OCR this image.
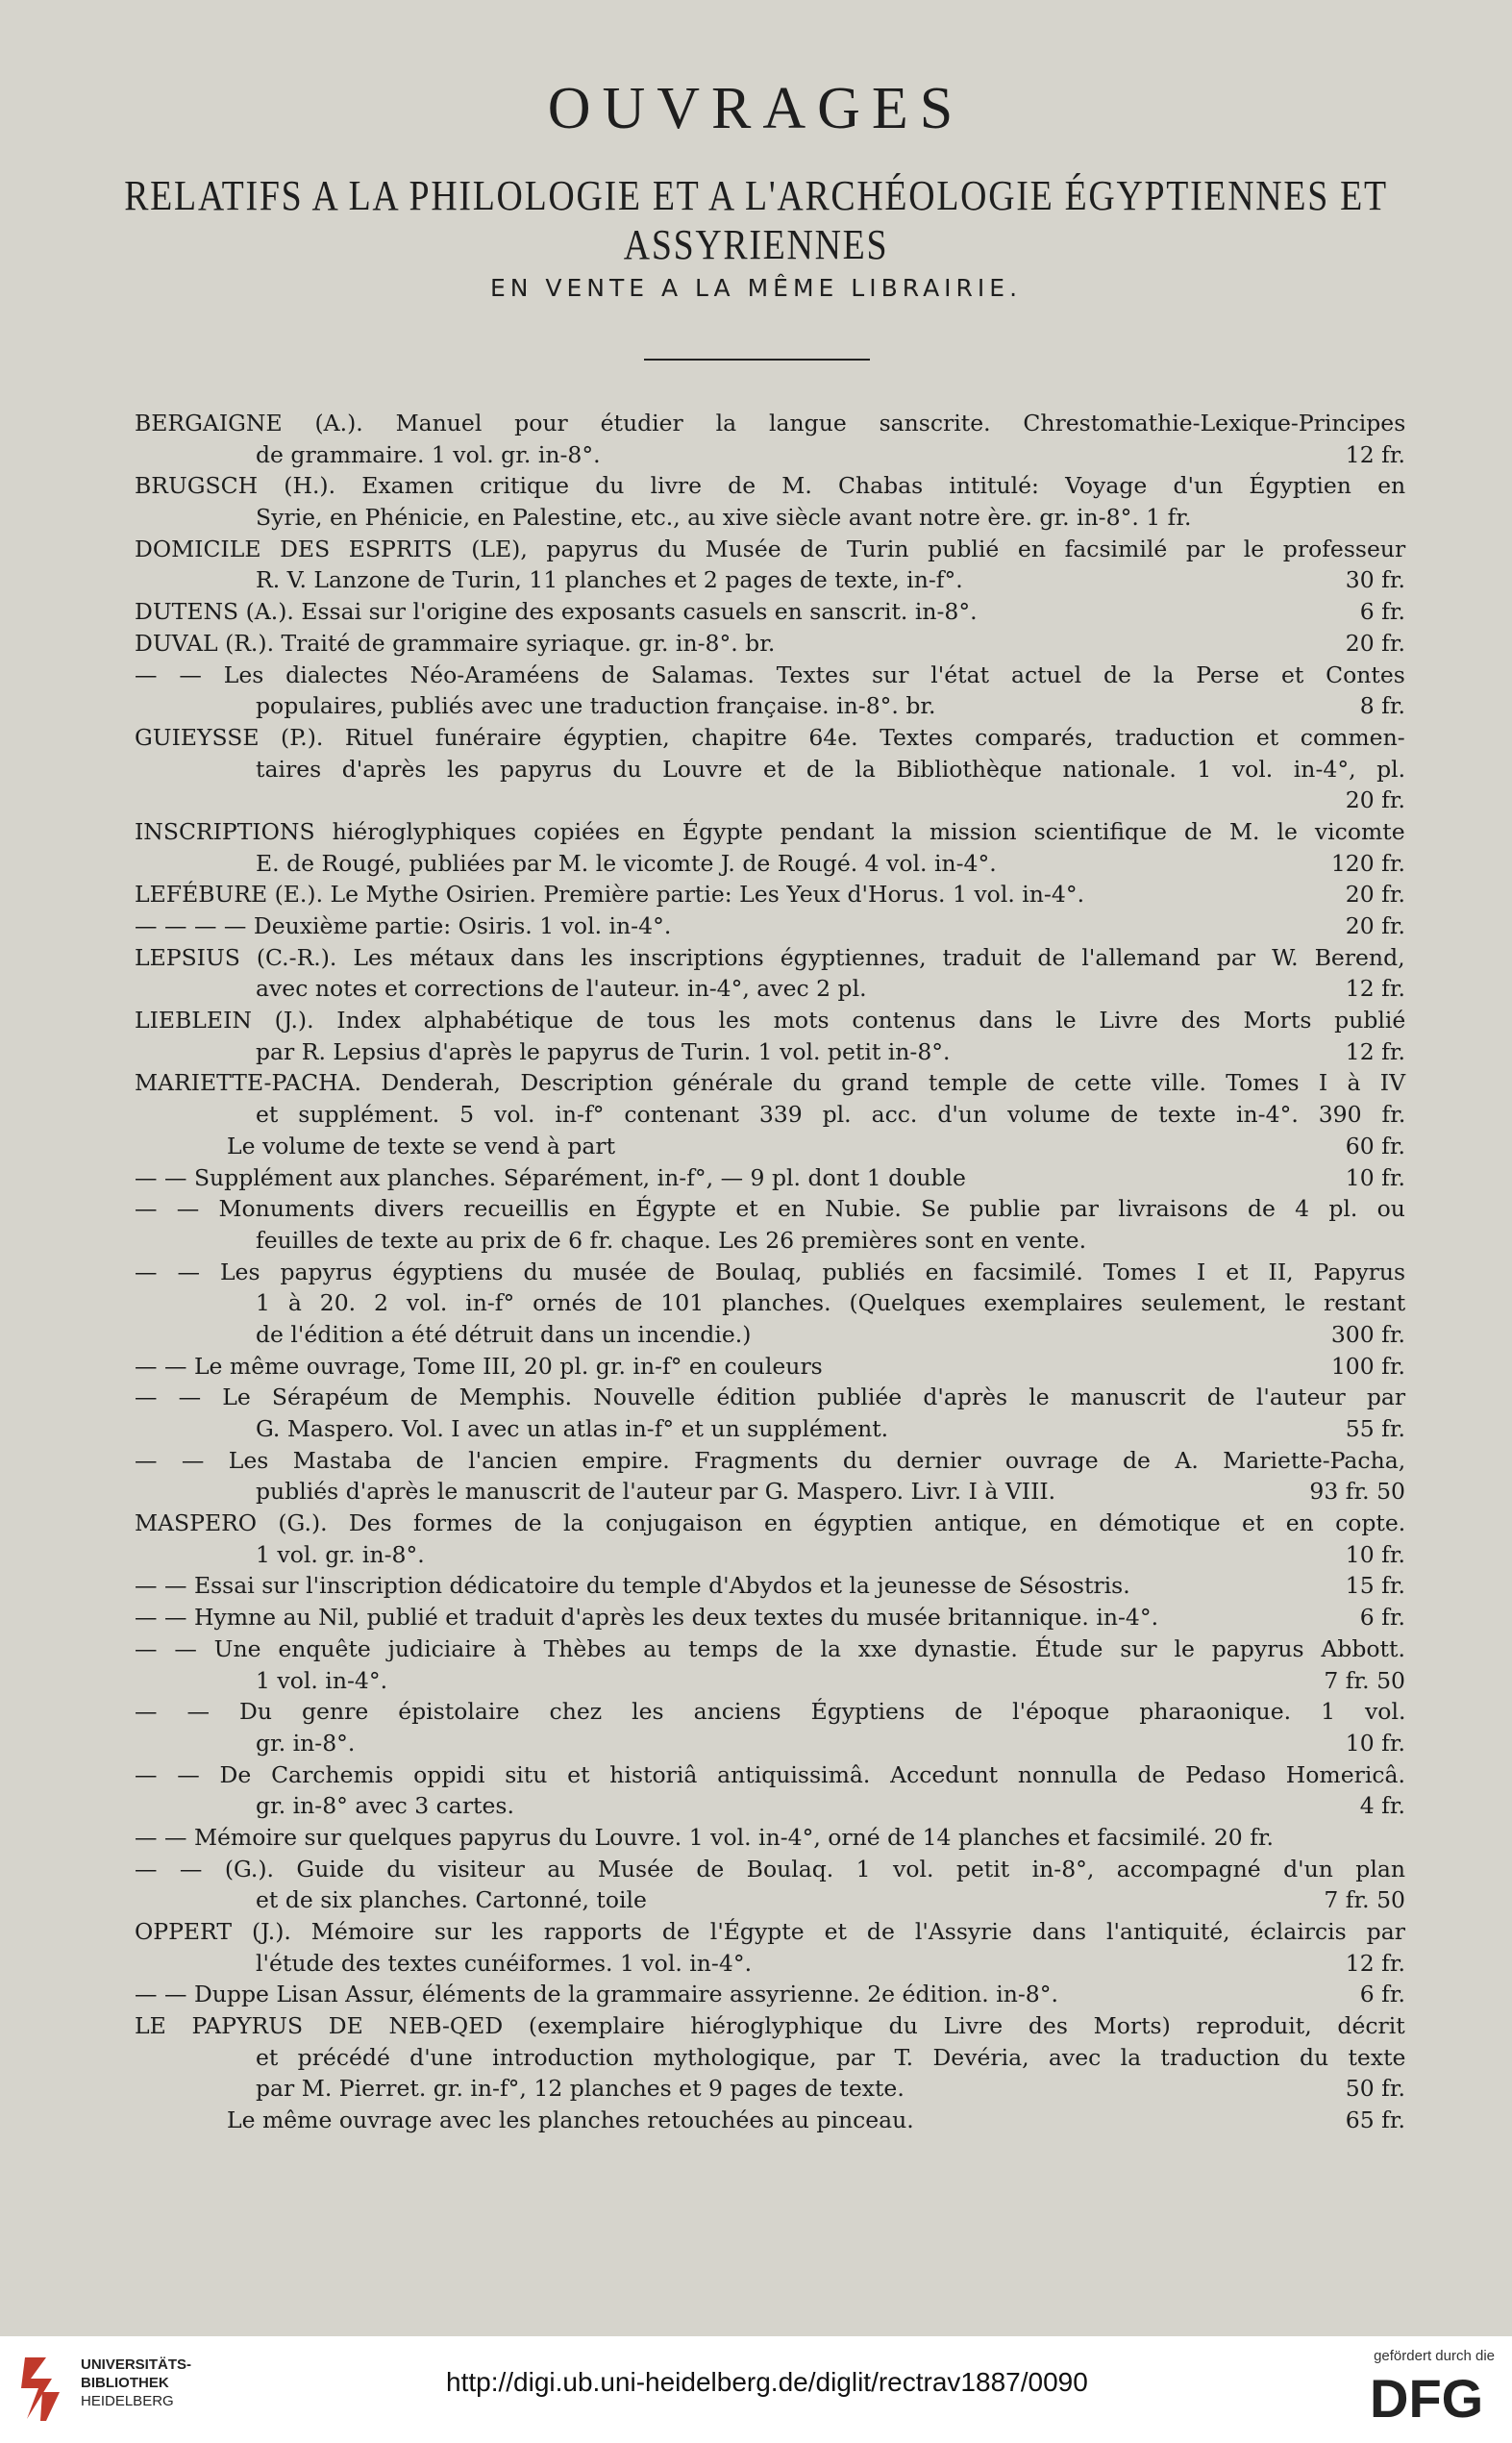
OUVRAGES
RELATIFS A LA PHILOLOGIE ET A L'ARCHÉOLOGIE ÉGYPTIENNES ET ASSYRIENNES
EN VENTE A LA MÊME LIBRAIRIE.
BERGAIGNE (A.). Manuel pour étudier la langue sanscrite. Chrestomathie-Lexique-Principes
de grammaire. 1 vol. gr. in-8°.	12 fr.
BRUGSCH (H.). Examen critique du livre de M. Chabas intitulé: Voyage d'un Égyptien en
Syrie, en Phénicie, en Palestine, etc., au xive siècle avant notre ère. gr. in-8°. 1 fr.
DOMICILE DES ESPRITS (LE), papyrus du Musée de Turin publié en facsimilé par le professeur
R. V. Lanzone de Turin, 11 planches et 2 pages de texte, in-f°.	30 fr.
DUTENS (A.). Essai sur l'origine des exposants casuels en sanscrit. in-8°.	6 fr.
DUVAL (R.). Traité de grammaire syriaque. gr. in-8°. br.	20 fr.
— — Les dialectes Néo-Araméens de Salamas. Textes sur l'état actuel de la Perse et Contes
populaires, publiés avec une traduction française. in-8°. br.	8 fr.
GUIEYSSE (P.). Rituel funéraire égyptien, chapitre 64e. Textes comparés, traduction et commen-
taires d'après les papyrus du Louvre et de la Bibliothèque nationale. 1 vol. in-4°, pl.
20 fr.
INSCRIPTIONS hiéroglyphiques copiées en Égypte pendant la mission scientifique de M. le vicomte
E. de Rougé, publiées par M. le vicomte J. de Rougé. 4 vol. in-4°.	120 fr.
LEFÉBURE (E.). Le Mythe Osirien. Première partie: Les Yeux d'Horus. 1 vol. in-4°.	20 fr.
— — — — Deuxième partie: Osiris. 1 vol. in-4°.	20 fr.
LEPSIUS (C.-R.). Les métaux dans les inscriptions égyptiennes, traduit de l'allemand par W. Berend,
avec notes et corrections de l'auteur. in-4°, avec 2 pl.	12 fr.
LIEBLEIN (J.). Index alphabétique de tous les mots contenus dans le Livre des Morts publié
par R. Lepsius d'après le papyrus de Turin. 1 vol. petit in-8°.	12 fr.
MARIETTE-PACHA. Denderah, Description générale du grand temple de cette ville. Tomes I à IV
et supplément. 5 vol. in-f° contenant 339 pl. acc. d'un volume de texte in-4°. 390 fr.
Le volume de texte se vend à part	60 fr.
— — Supplément aux planches. Séparément, in-f°, — 9 pl. dont 1 double	10 fr.
— — Monuments divers recueillis en Égypte et en Nubie. Se publie par livraisons de 4 pl. ou
feuilles de texte au prix de 6 fr. chaque. Les 26 premières sont en vente.
— — Les papyrus égyptiens du musée de Boulaq, publiés en facsimilé. Tomes I et II, Papyrus
1 à 20. 2 vol. in-f° ornés de 101 planches. (Quelques exemplaires seulement, le restant
de l'édition a été détruit dans un incendie.)	300 fr.
— — Le même ouvrage, Tome III, 20 pl. gr. in-f° en couleurs	100 fr.
— — Le Sérapéum de Memphis. Nouvelle édition publiée d'après le manuscrit de l'auteur par
G. Maspero. Vol. I avec un atlas in-f° et un supplément.	55 fr.
— — Les Mastaba de l'ancien empire. Fragments du dernier ouvrage de A. Mariette-Pacha,
publiés d'après le manuscrit de l'auteur par G. Maspero. Livr. I à VIII.	93 fr. 50
MASPERO (G.). Des formes de la conjugaison en égyptien antique, en démotique et en copte.
1 vol. gr. in-8°.	10 fr.
— — Essai sur l'inscription dédicatoire du temple d'Abydos et la jeunesse de Sésostris.	15 fr.
— — Hymne au Nil, publié et traduit d'après les deux textes du musée britannique. in-4°.	6 fr.
— — Une enquête judiciaire à Thèbes au temps de la xxe dynastie. Étude sur le papyrus Abbott.
1 vol. in-4°.	7 fr. 50
— — Du genre épistolaire chez les anciens Égyptiens de l'époque pharaonique. 1 vol.
gr. in-8°.	10 fr.
— — De Carchemis oppidi situ et historiâ antiquissimâ. Accedunt nonnulla de Pedaso Homericâ.
gr. in-8° avec 3 cartes.	4 fr.
— — Mémoire sur quelques papyrus du Louvre. 1 vol. in-4°, orné de 14 planches et facsimilé. 20 fr.
— — (G.). Guide du visiteur au Musée de Boulaq. 1 vol. petit in-8°, accompagné d'un plan
et de six planches. Cartonné, toile	7 fr. 50
OPPERT (J.). Mémoire sur les rapports de l'Égypte et de l'Assyrie dans l'antiquité, éclaircis par
l'étude des textes cunéiformes. 1 vol. in-4°.	12 fr.
— — Duppe Lisan Assur, éléments de la grammaire assyrienne. 2e édition. in-8°.	6 fr.
LE PAPYRUS DE NEB-QED (exemplaire hiéroglyphique du Livre des Morts) reproduit, décrit
et précédé d'une introduction mythologique, par T. Devéria, avec la traduction du texte
par M. Pierret. gr. in-f°, 12 planches et 9 pages de texte.	50 fr.
Le même ouvrage avec les planches retouchées au pinceau.	65 fr.
UNIVERSITÄTS-
BIBLIOTHEK
HEIDELBERG
http://digi.ub.uni-heidelberg.de/diglit/rectrav1887/0090
gefördert durch die
DFG
